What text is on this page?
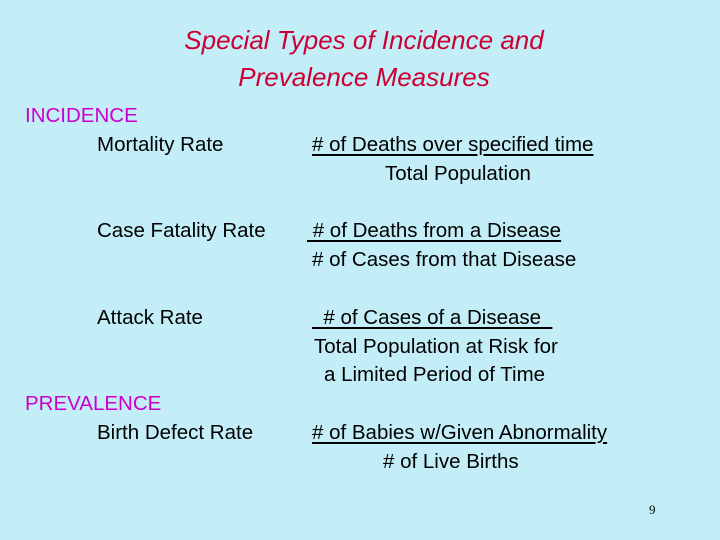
Special Types of Incidence and
Prevalence Measures
INCIDENCE
Mortality Rate	# of Deaths over specified time
Total Population
Case Fatality Rate # of Deaths from a Disease
# of Cases from that Disease
Attack Rate	# of Cases of a Disease
Total Population at Risk for
a Limited Period of Time
PREVALENCE
Birth Defect Rate	# of Babies w/Given Abnormality
# of Live Births
9
